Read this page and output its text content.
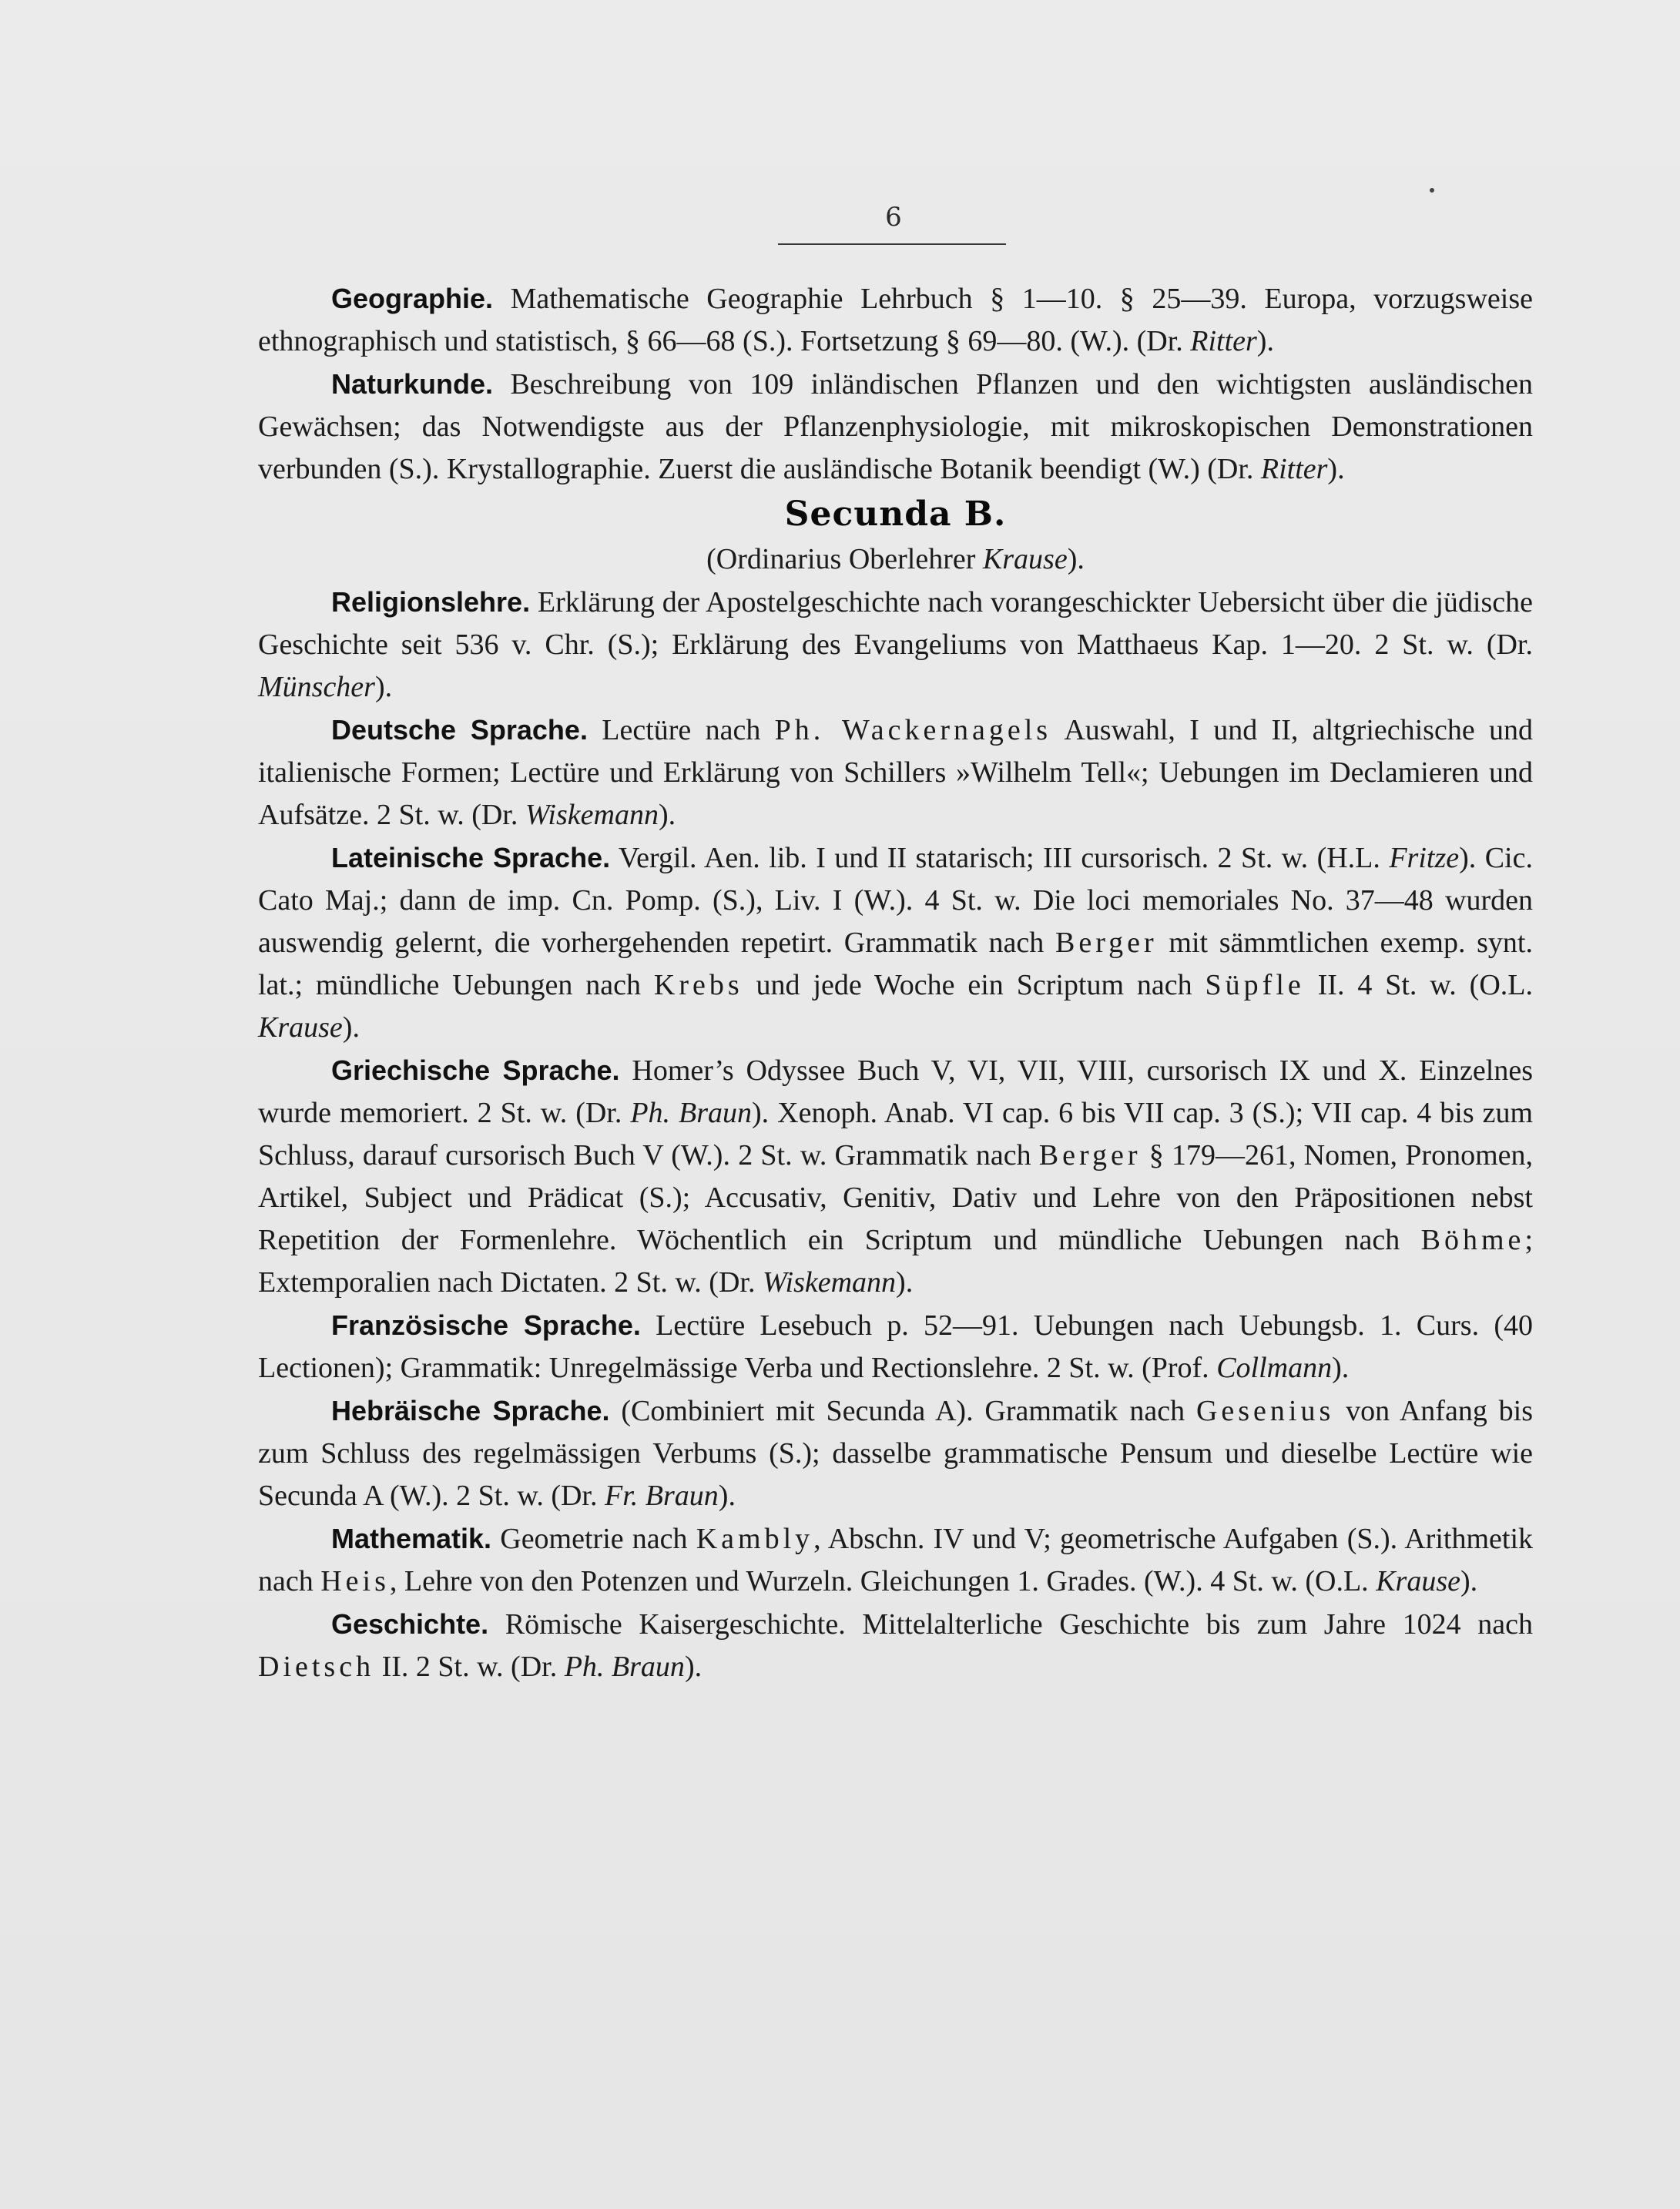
6

Geographie. Mathematische Geographie Lehrbuch § 1—10. § 25—39. Europa, vorzugsweise ethnographisch und statistisch, § 66—68 (S.). Fortsetzung § 69—80. (W.). (Dr. Ritter).

Naturkunde. Beschreibung von 109 inländischen Pflanzen und den wichtigsten ausländischen Gewächsen; das Notwendigste aus der Pflanzenphysiologie, mit mikroskopischen Demonstrationen verbunden (S.). Krystallographie. Zuerst die ausländische Botanik beendigt (W.) (Dr. Ritter).

Secunda B.

(Ordinarius Oberlehrer Krause).

Religionslehre. Erklärung der Apostelgeschichte nach vorangeschickter Uebersicht über die jüdische Geschichte seit 536 v. Chr. (S.); Erklärung des Evangeliums von Matthaeus Kap. 1—20. 2 St. w. (Dr. Münscher).

Deutsche Sprache. Lectüre nach Ph. Wackernagels Auswahl, I und II, altgriechische und italienische Formen; Lectüre und Erklärung von Schillers »Wilhelm Tell«; Uebungen im Declamieren und Aufsätze. 2 St. w. (Dr. Wiskemann).

Lateinische Sprache. Vergil. Aen. lib. I und II statarisch; III cursorisch. 2 St. w. (H.L. Fritze). Cic. Cato Maj.; dann de imp. Cn. Pomp. (S.), Liv. I (W.). 4 St. w. Die loci memoriales No. 37—48 wurden auswendig gelernt, die vorhergehenden repetirt. Grammatik nach Berger mit sämmtlichen exemp. synt. lat.; mündliche Uebungen nach Krebs und jede Woche ein Scriptum nach Süpfle II. 4 St. w. (O.L. Krause).

Griechische Sprache. Homer’s Odyssee Buch V, VI, VII, VIII, cursorisch IX und X. Einzelnes wurde memoriert. 2 St. w. (Dr. Ph. Braun). Xenoph. Anab. VI cap. 6 bis VII cap. 3 (S.); VII cap. 4 bis zum Schluss, darauf cursorisch Buch V (W.). 2 St. w. Grammatik nach Berger § 179—261, Nomen, Pronomen, Artikel, Subject und Prädicat (S.); Accusativ, Genitiv, Dativ und Lehre von den Präpositionen nebst Repetition der Formenlehre. Wöchentlich ein Scriptum und mündliche Uebungen nach Böhme; Extemporalien nach Dictaten. 2 St. w. (Dr. Wiskemann).

Französische Sprache. Lectüre Lesebuch p. 52—91. Uebungen nach Uebungsb. 1. Curs. (40 Lectionen); Grammatik: Unregelmässige Verba und Rectionslehre. 2 St. w. (Prof. Collmann).

Hebräische Sprache. (Combiniert mit Secunda A). Grammatik nach Gesenius von Anfang bis zum Schluss des regelmässigen Verbums (S.); dasselbe grammatische Pensum und dieselbe Lectüre wie Secunda A (W.). 2 St. w. (Dr. Fr. Braun).

Mathematik. Geometrie nach Kambly, Abschn. IV und V; geometrische Aufgaben (S.). Arithmetik nach Heis, Lehre von den Potenzen und Wurzeln. Gleichungen 1. Grades. (W.). 4 St. w. (O.L. Krause).

Geschichte. Römische Kaisergeschichte. Mittelalterliche Geschichte bis zum Jahre 1024 nach Dietsch II. 2 St. w. (Dr. Ph. Braun).
